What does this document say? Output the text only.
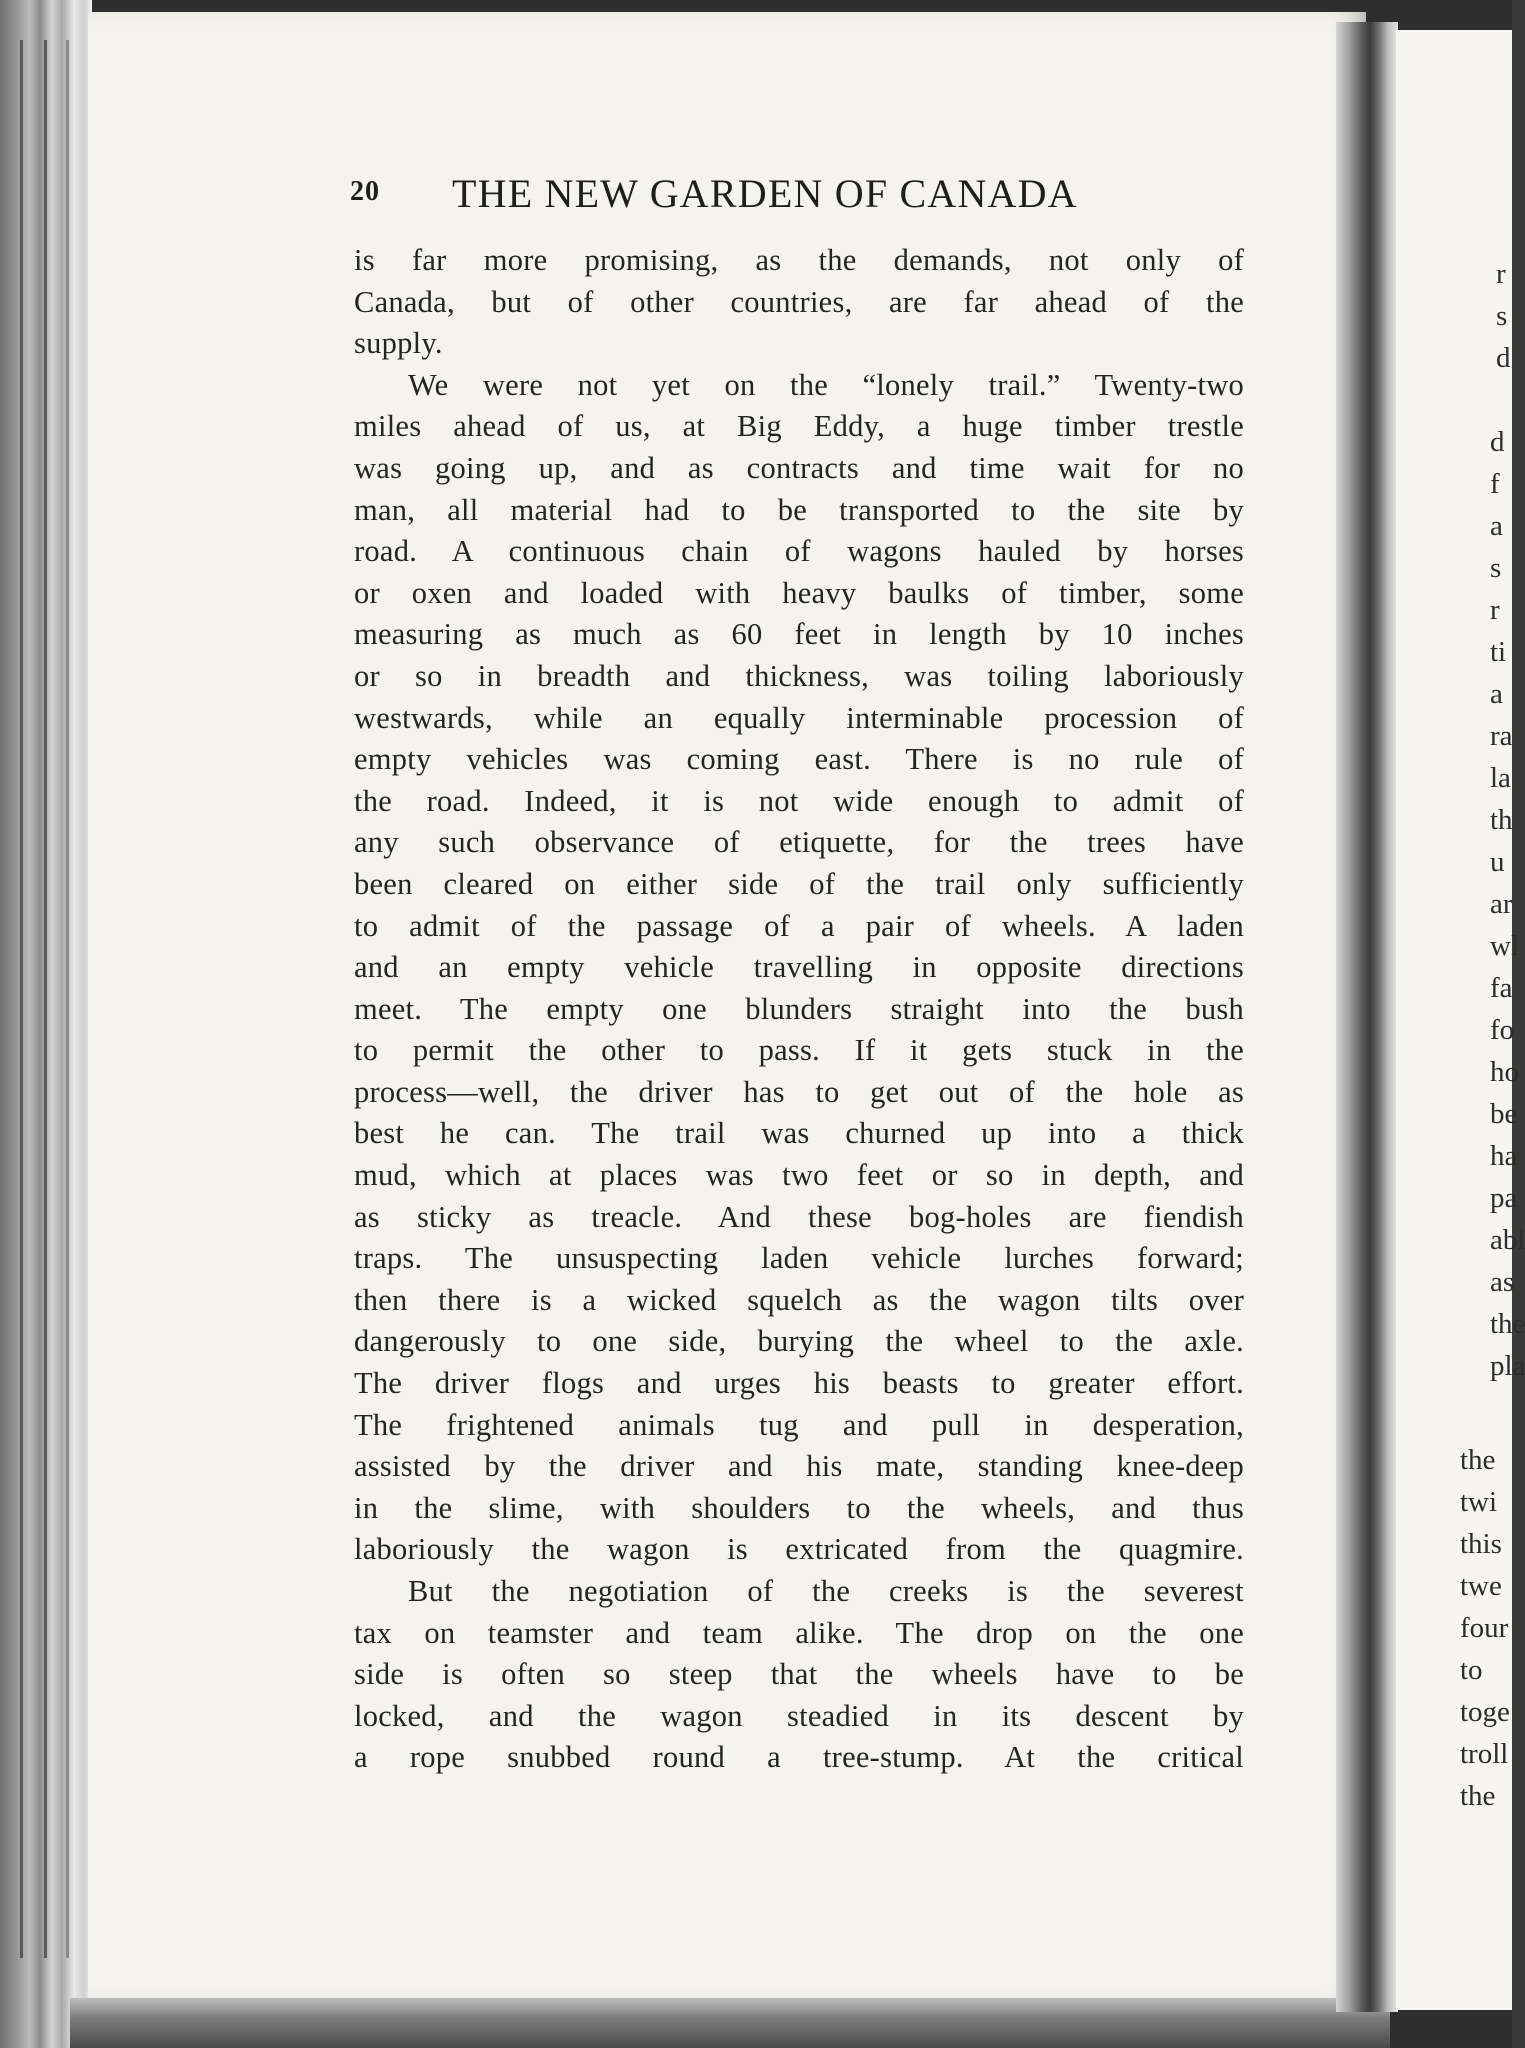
r
s
d
d
f
a
s
r
ti
a
ra
la
th
u
ar
wl
fa
fo
ho
be
ha
pa
abl
as
the
pla
the
twi
this
twe
four
to
toge
troll
the
20 THE NEW GARDEN OF CANADA
is far more promising, as the demands, not only of
Canada, but of other countries, are far ahead of the
supply.
We were not yet on the “lonely trail.” Twenty-two
miles ahead of us, at Big Eddy, a huge timber trestle
was going up, and as contracts and time wait for no
man, all material had to be transported to the site by
road. A continuous chain of wagons hauled by horses
or oxen and loaded with heavy baulks of timber, some
measuring as much as 60 feet in length by 10 inches
or so in breadth and thickness, was toiling laboriously
westwards, while an equally interminable procession of
empty vehicles was coming east. There is no rule of
the road. Indeed, it is not wide enough to admit of
any such observance of etiquette, for the trees have
been cleared on either side of the trail only sufficiently
to admit of the passage of a pair of wheels. A laden
and an empty vehicle travelling in opposite directions
meet. The empty one blunders straight into the bush
to permit the other to pass. If it gets stuck in the
process—well, the driver has to get out of the hole as
best he can. The trail was churned up into a thick
mud, which at places was two feet or so in depth, and
as sticky as treacle. And these bog-holes are fiendish
traps. The unsuspecting laden vehicle lurches forward;
then there is a wicked squelch as the wagon tilts over
dangerously to one side, burying the wheel to the axle.
The driver flogs and urges his beasts to greater effort.
The frightened animals tug and pull in desperation,
assisted by the driver and his mate, standing knee-deep
in the slime, with shoulders to the wheels, and thus
laboriously the wagon is extricated from the quagmire.
But the negotiation of the creeks is the severest
tax on teamster and team alike. The drop on the one
side is often so steep that the wheels have to be
locked, and the wagon steadied in its descent by
a rope snubbed round a tree-stump. At the critical
